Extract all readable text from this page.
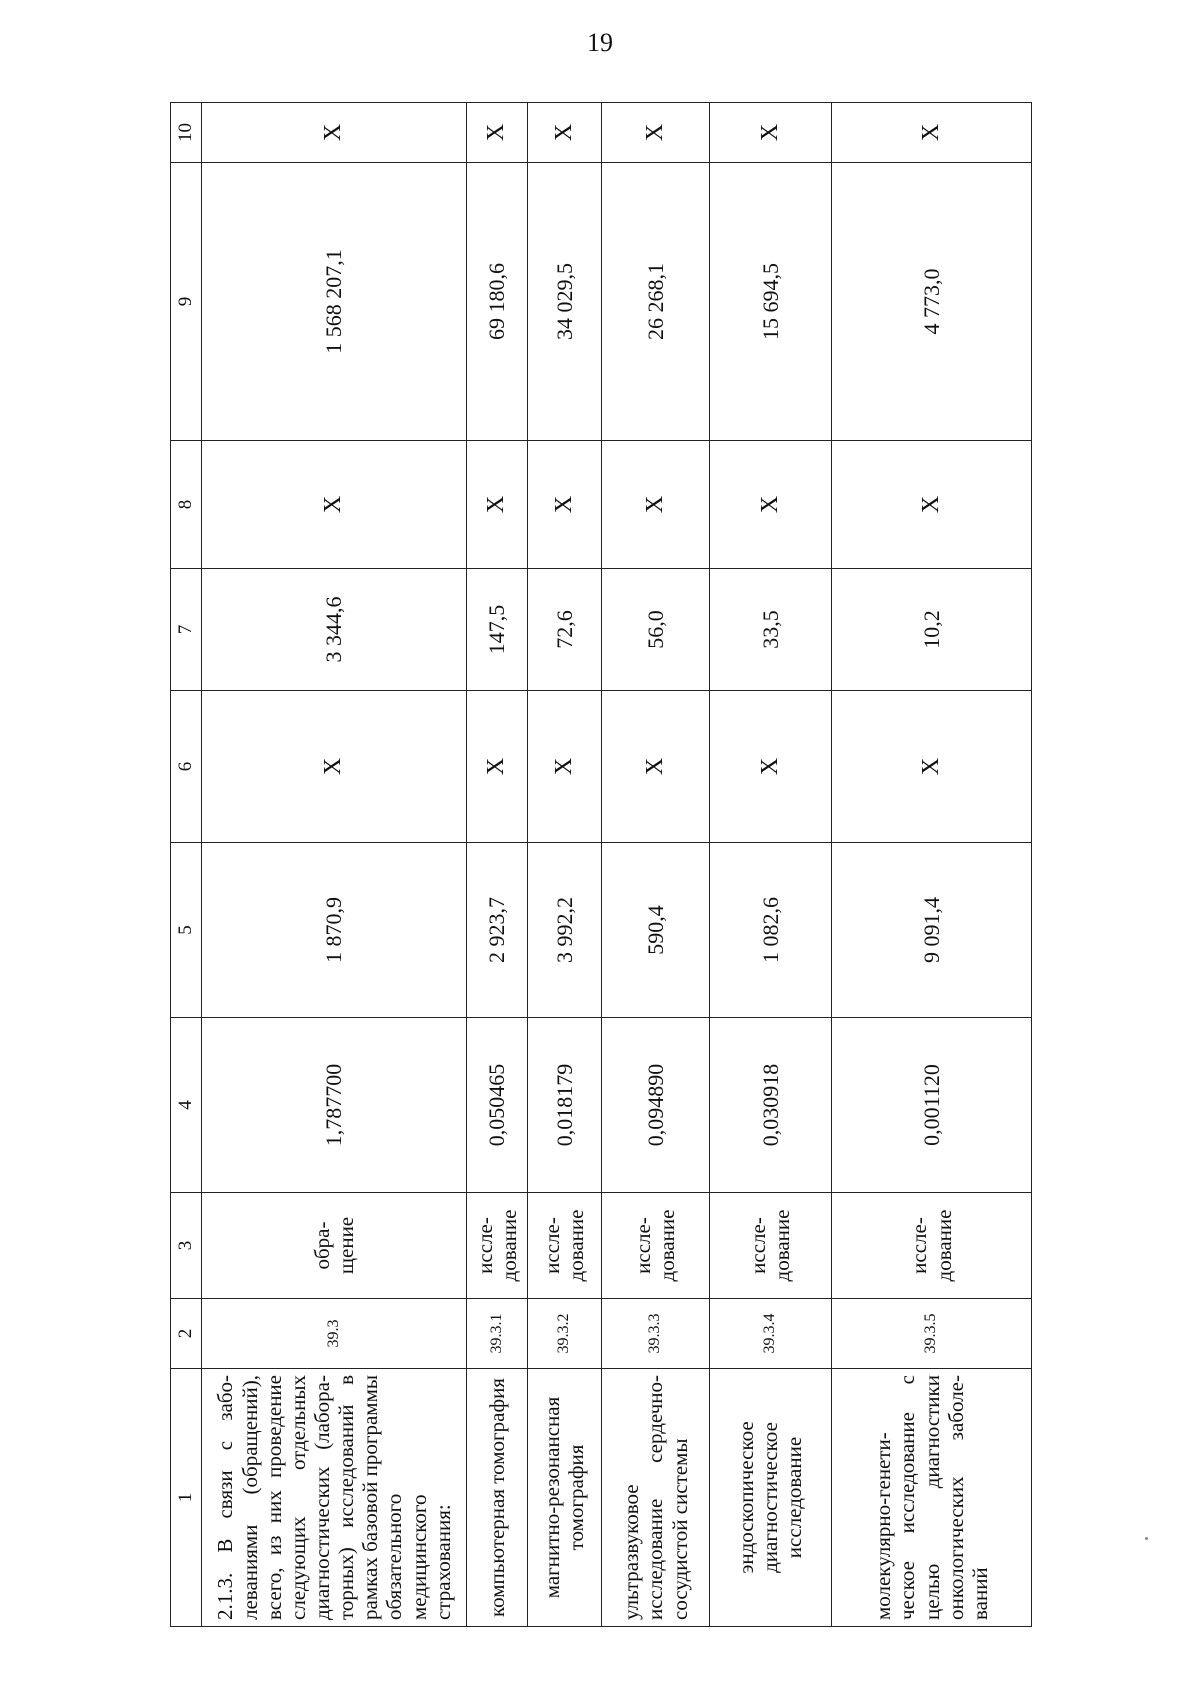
19
1	2	3	4	5	6	7	8	9	10
2.1.3. В связи с забо-леваниями (обращений), всего, из них проведение следующих отдельных диагностических (лабора-торных) исследований в рамках базовой программы обязательного медицинского страхования:	39.3	обра-щение	1,787700	1 870,9	X	3 344,6	X	1 568 207,1	X
компьютерная томография	39.3.1	иссле-дование	0,050465	2 923,7	X	147,5	X	69 180,6	X
магнитно-резонансная томография	39.3.2	иссле-дование	0,018179	3 992,2	X	72,6	X	34 029,5	X
ультразвуковое исследование сердечно-сосудистой системы	39.3.3	иссле-дование	0,094890	590,4	X	56,0	X	26 268,1	X
эндоскопическое диагностическое исследование	39.3.4	иссле-дование	0,030918	1 082,6	X	33,5	X	15 694,5	X
молекулярно-генети-ческое исследование с целью диагностики онкологических заболе-ваний	39.3.5	иссле-дование	0,001120	9 091,4	X	10,2	X	4 773,0	X
